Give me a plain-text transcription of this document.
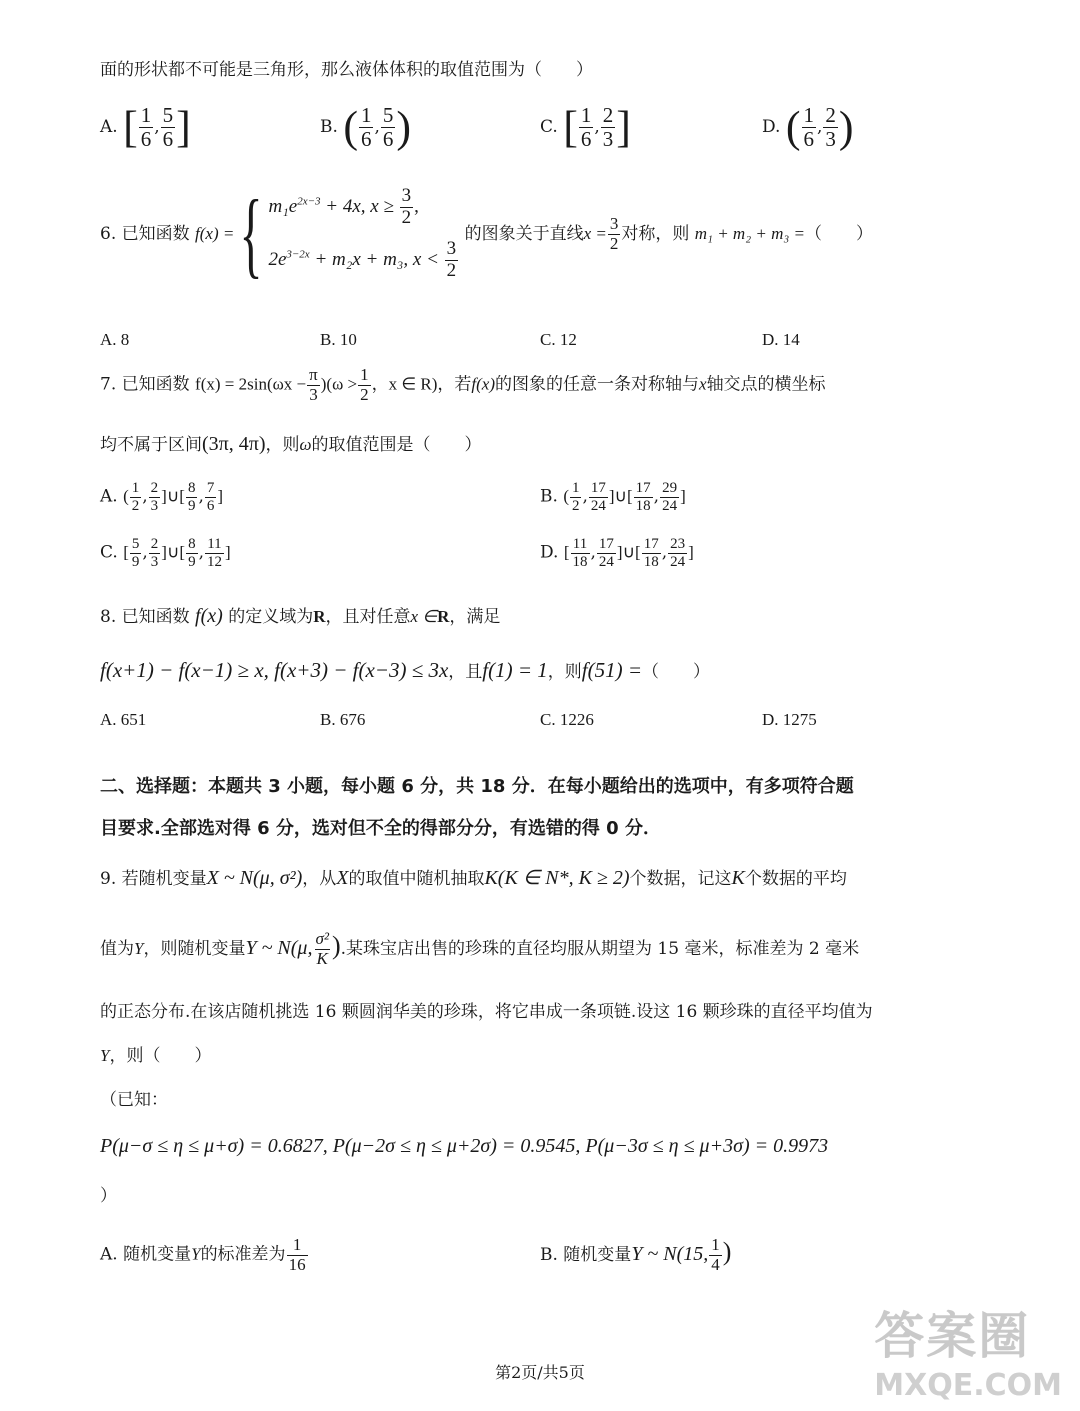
面的形状都不可能是三角形，那么液体体积的取值范围为（　　）
A. [ $\frac{1}{6}$ , $\frac{5}{6}$ ]	B. ( $\frac{1}{6}$ , $\frac{5}{6}$ )	C. [ $\frac{1}{6}$ , $\frac{2}{3}$ ]	D. ( $\frac{1}{6}$ , $\frac{2}{3}$ )
6.
已知函数
f(x) = { $m_1e^{2x-3} + 4x$, $x \ge \frac{3}{2}$ ,
$2e^{3-2x} + m_2x + m_3$, $x < \frac{3}{2}$

的图象关于直线 $x = \frac{3}{2}$ 对称，则
m₁ + m₂ + m₃ = （　　）
A. 8	B. 10	C. 12	D. 14
7. 已知函数 $f(x) = 2\sin(\omega x - \frac{\pi}{3} )(\omega > \frac{1}{2}$ ，x ∈ R)，若f(x)的图象的任意一条对称轴与x轴交点的横坐标
均不属于区间(3π, 4π)，则ω的取值范围是（　　）
A. ( $\frac{1}{2}$ , $\frac{2}{3}$ ]∪[ $\frac{8}{9}$ , $\frac{7}{6}$ ]	B. ( $\frac{1}{2}$ , $\frac{17}{24}$ ]∪[ $\frac{17}{18}$ , $\frac{29}{24}$ ]
C. [ $\frac{5}{9}$ , $\frac{2}{3}$ ]∪[ $\frac{8}{9}$ , $\frac{11}{12}$ ]	D. [ $\frac{11}{18}$ , $\frac{17}{24}$ ]∪[ $\frac{17}{18}$ , $\frac{23}{24}$ ]
8. 已知函数 f(x) 的定义域为R，且对任意x ∈R，满足
f(x+1) − f(x−1) ≥ x, f(x+3) − f(x−3) ≤ 3x，且f(1) = 1，则f(51) =（　　）
A. 651	B. 676	C. 1226	D. 1275
二、选择题：本题共 3 小题，每小题 6 分，共 18 分．在每小题给出的选项中，有多项符合题
目要求.全部选对得 6 分，选对但不全的得部分分，有选错的得 0 分．
9. 若随机变量X ~ N(μ, σ²)，从X的取值中随机抽取K(K ∈ N*, K ≥ 2)个数据，记这K个数据的平均
值为Y，则随机变量Y ~ N(μ, $\frac{\text{σ²}}{K}$ ).某珠宝店出售的珍珠的直径均服从期望为 15 毫米，标准差为 2 毫米
的正态分布.在该店随机挑选 16 颗圆润华美的珍珠，将它串成一条项链.设这 16 颗珍珠的直径平均值为
Y，则（　　）
（已知：
P(μ−σ ≤ η ≤ μ+σ) = 0.6827, P(μ−2σ ≤ η ≤ μ+2σ) = 0.9545, P(μ−3σ ≤ η ≤ μ+3σ) = 0.9973
）
A. 随机变量Y的标准差为 $\frac{1}{16}$	B. 随机变量Y ~ N(15, $\frac{1}{4}$ )
第2页/共5页
答案圈
MXQE.COM
